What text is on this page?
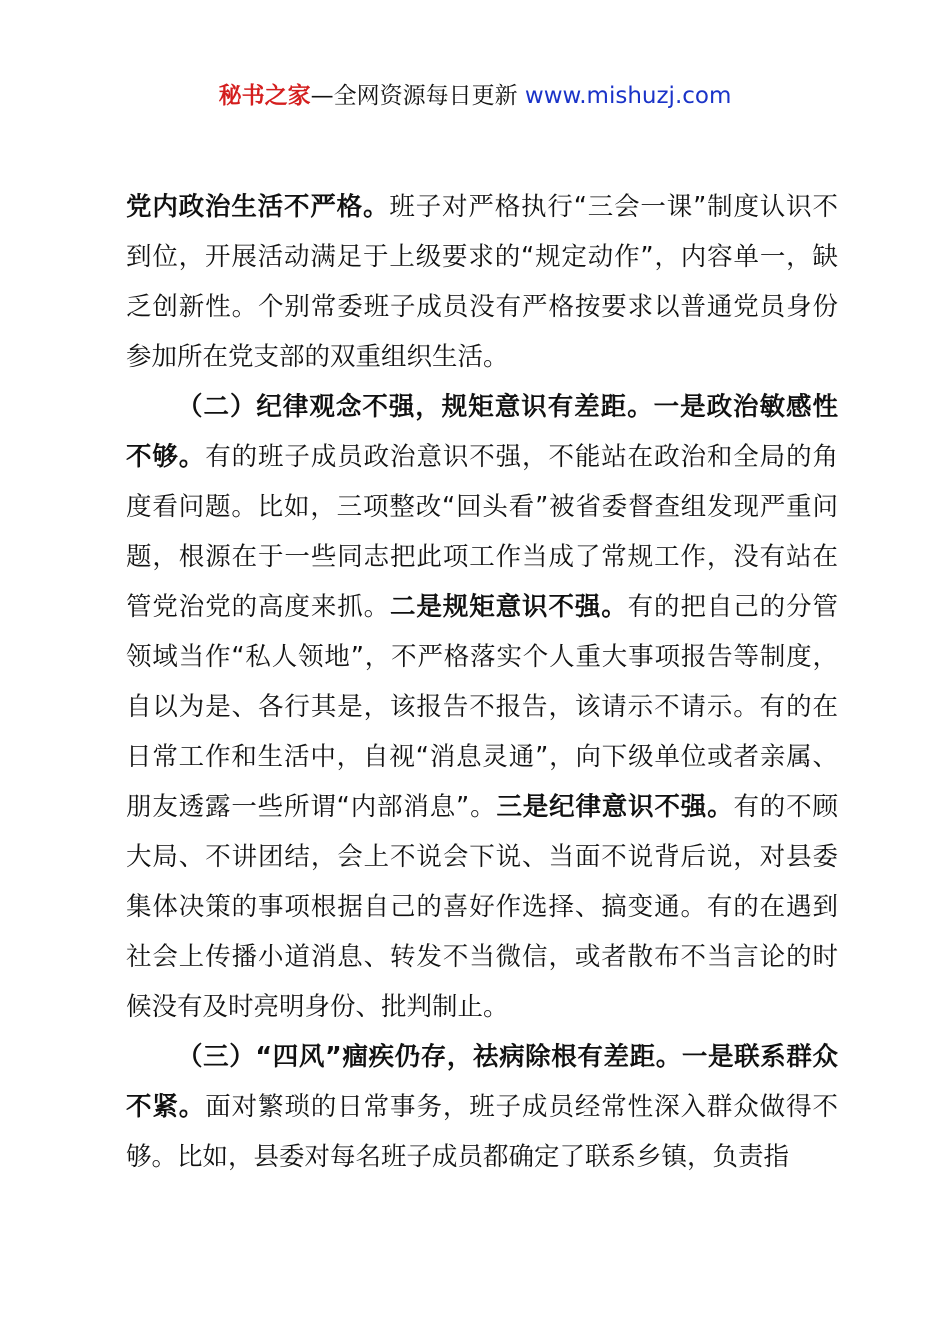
秘书之家—全网资源每日更新 www.mishuzj.com

党内政治生活不严格。班子对严格执行“三会一课”制度认识不到位，开展活动满足于上级要求的“规定动作”，内容单一，缺乏创新性。个别常委班子成员没有严格按要求以普通党员身份参加所在党支部的双重组织生活。

（二）纪律观念不强，规矩意识有差距。一是政治敏感性不够。有的班子成员政治意识不强，不能站在政治和全局的角度看问题。比如，三项整改“回头看”被省委督查组发现严重问题，根源在于一些同志把此项工作当成了常规工作，没有站在管党治党的高度来抓。二是规矩意识不强。有的把自己的分管领域当作“私人领地”，不严格落实个人重大事项报告等制度，自以为是、各行其是，该报告不报告，该请示不请示。有的在日常工作和生活中，自视“消息灵通”，向下级单位或者亲属、朋友透露一些所谓“内部消息”。三是纪律意识不强。有的不顾大局、不讲团结，会上不说会下说、当面不说背后说，对县委集体决策的事项根据自己的喜好作选择、搞变通。有的在遇到社会上传播小道消息、转发不当微信，或者散布不当言论的时候没有及时亮明身份、批判制止。

（三）“四风”痼疾仍存，祛病除根有差距。一是联系群众不紧。面对繁琐的日常事务，班子成员经常性深入群众做得不够。比如，县委对每名班子成员都确定了联系乡镇，负责指
